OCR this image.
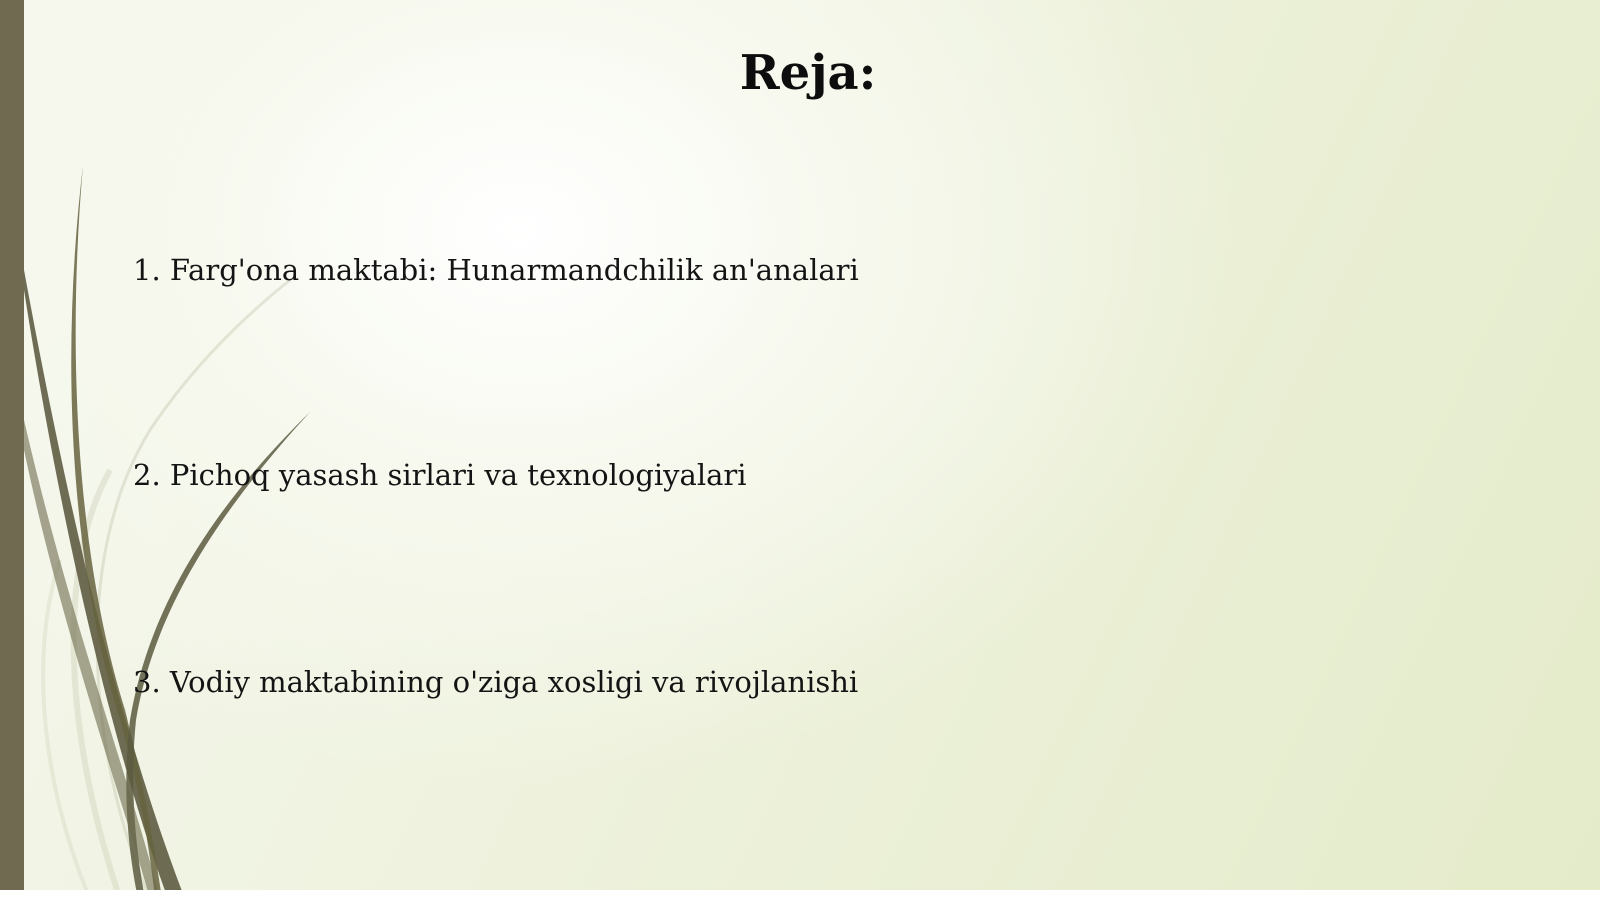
Reja:
1. Farg'ona maktabi: Hunarmandchilik an'analari
2. Pichoq yasash sirlari va texnologiyalari
3. Vodiy maktabining o'ziga xosligi va rivojlanishi
